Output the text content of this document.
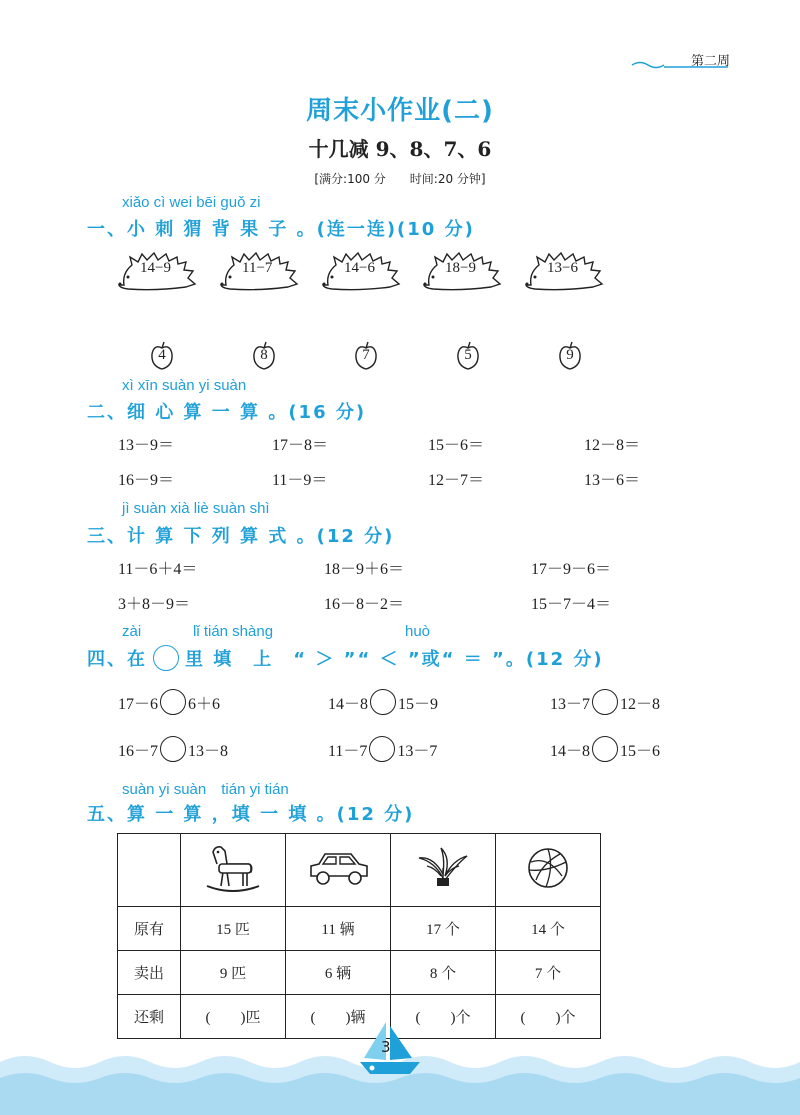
第二周
周末小作业(二)
十几减 9、8、7、6
[满分:100 分　　时间:20 分钟]
xiǎo cì wei bēi guǒ zi
一、小 刺 猬 背 果 子 。(连一连)(10 分)
14−9	11−7	14−6	18−9	13−6
4	8	7	5	9
xì xīn suàn yi suàn
二、细 心 算 一 算 。(16 分)
13－9＝	17－8＝	15－6＝	12－8＝
16－9＝	11－9＝	12－7＝	13－6＝
jì suàn xià liè suàn shì
三、计 算 下 列 算 式 。(12 分)
11－6＋4＝	18－9＋6＝	17－9－6＝
3＋8－9＝	16－8－2＝	15－7－4＝
zài	lǐ tián shàng	huò
四、在 里 填　上　“ ＞ ”“ ＜ ”或“ ＝ ”。(12 分)
17－6 6＋6	14－8 15－9	13－7 12－8
16－7 13－8	11－7 13－7	14－8 15－6
suàn yi suàn　tián yi tián
五、算 一 算 ，填 一 填 。(12 分)

原有	15 匹	11 辆	17 个	14 个
卖出	9 匹	6 辆	8 个	7 个
还剩	(　　)匹	(　　)辆	(　　)个	(　　)个
3
